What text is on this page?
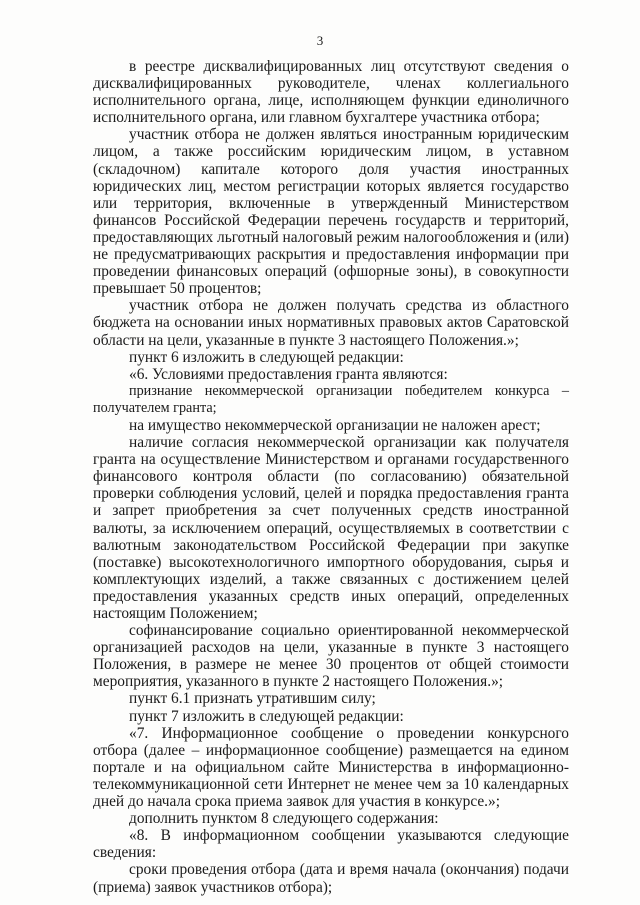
3

в реестре дисквалифицированных лиц отсутствуют сведения о дисквалифицированных руководителе, членах коллегиального исполнительного органа, лице, исполняющем функции единоличного исполнительного органа, или главном бухгалтере участника отбора;

участник отбора не должен являться иностранным юридическим лицом, а также российским юридическим лицом, в уставном (складочном) капитале которого доля участия иностранных юридических лиц, местом регистрации которых является государство или территория, включенные в утвержденный Министерством финансов Российской Федерации перечень государств и территорий, предоставляющих льготный налоговый режим налогообложения и (или) не предусматривающих раскрытия и предоставления информации при проведении финансовых операций (офшорные зоны), в совокупности превышает 50 процентов;

участник отбора не должен получать средства из областного бюджета на основании иных нормативных правовых актов Саратовской области на цели, указанные в пункте 3 настоящего Положения.»;

пункт 6 изложить в следующей редакции:

«6. Условиями предоставления гранта являются:

признание некоммерческой организации победителем конкурса – получателем гранта;

на имущество некоммерческой организации не наложен арест;

наличие согласия некоммерческой организации как получателя гранта на осуществление Министерством и органами государственного финансового контроля области (по согласованию) обязательной проверки соблюдения условий, целей и порядка предоставления гранта и запрет приобретения за счет полученных средств иностранной валюты, за исключением операций, осуществляемых в соответствии с валютным законодательством Российской Федерации при закупке (поставке) высокотехнологичного импортного оборудования, сырья и комплектующих изделий, а также связанных с достижением целей предоставления указанных средств иных операций, определенных настоящим Положением;

софинансирование социально ориентированной некоммерческой организацией расходов на цели, указанные в пункте 3 настоящего Положения, в размере не менее 30 процентов от общей стоимости мероприятия, указанного в пункте 2 настоящего Положения.»;

пункт 6.1 признать утратившим силу;

пункт 7 изложить в следующей редакции:

«7. Информационное сообщение о проведении конкурсного отбора (далее – информационное сообщение) размещается на едином портале и на официальном сайте Министерства в информационно-телекоммуникационной сети Интернет не менее чем за 10 календарных дней до начала срока приема заявок для участия в конкурсе.»;

дополнить пунктом 8 следующего содержания:

«8. В информационном сообщении указываются следующие сведения:

сроки проведения отбора (дата и время начала (окончания) подачи (приема) заявок участников отбора);
